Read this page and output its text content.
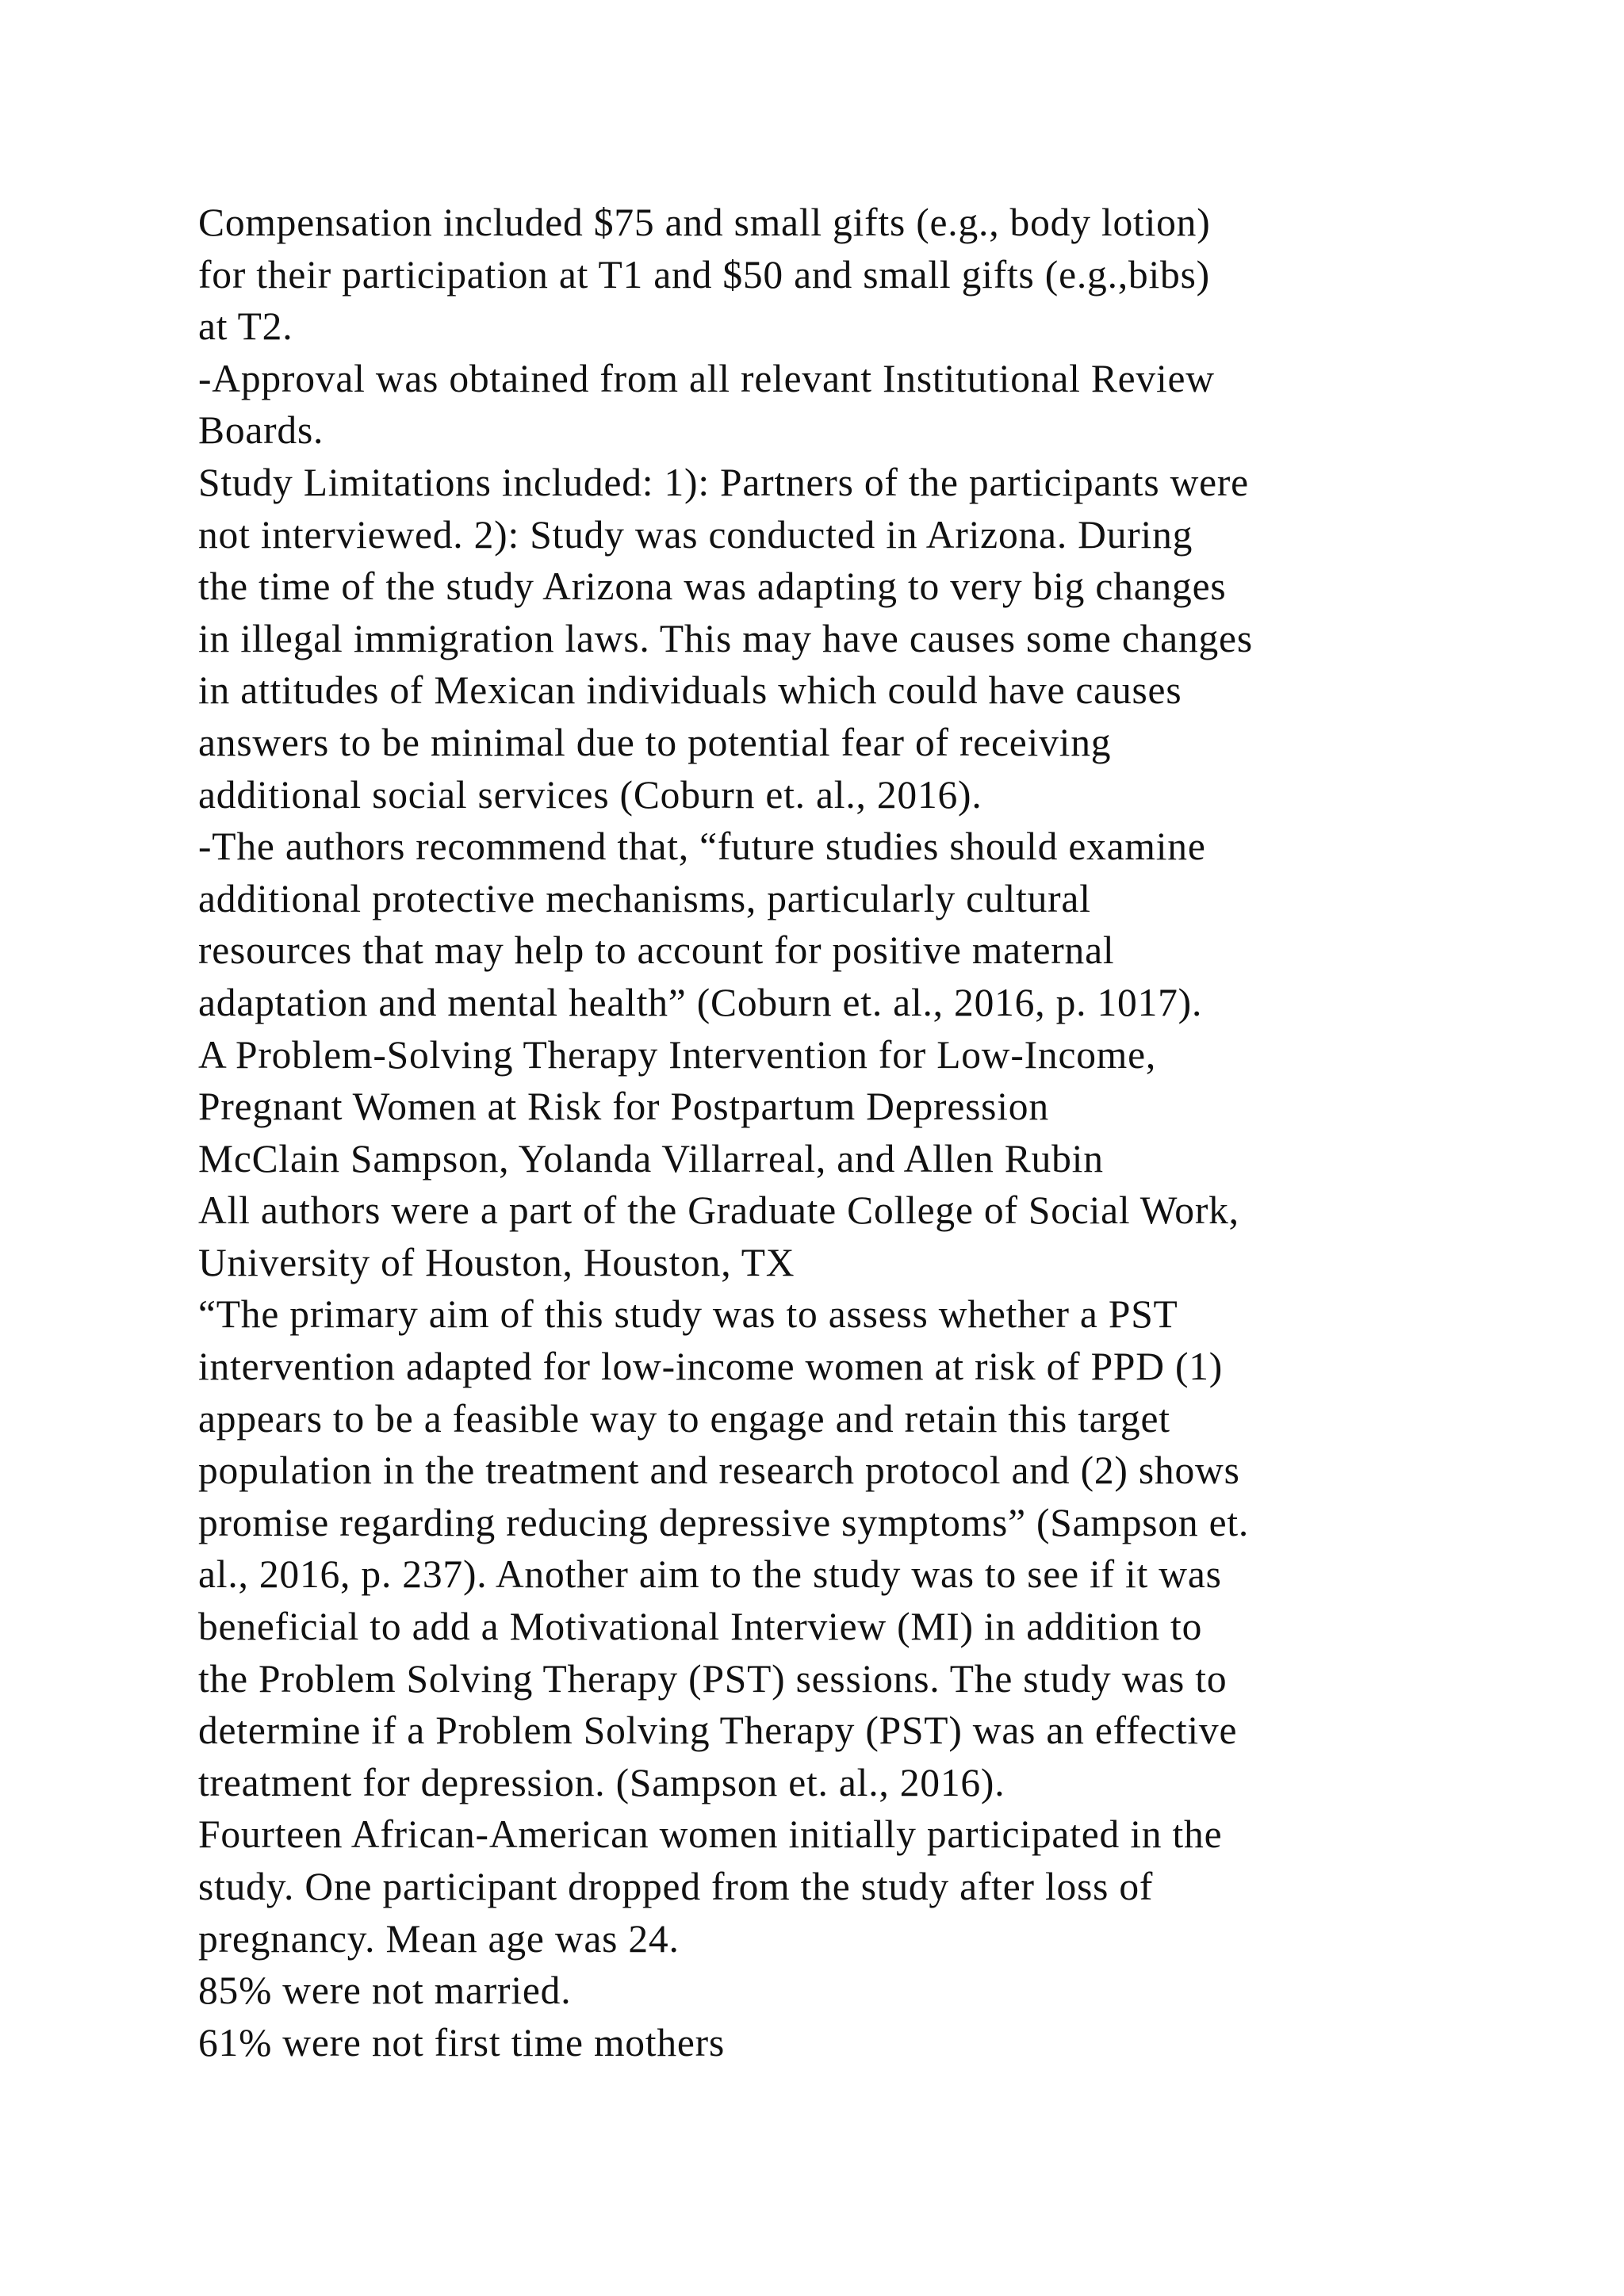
Compensation included $75 and small gifts (e.g., body lotion)
for their participation at T1 and $50 and small gifts (e.g.,bibs)
at T2.
-Approval was obtained from all relevant Institutional Review
Boards.
Study Limitations included: 1): Partners of the participants were
not interviewed. 2): Study was conducted in Arizona. During
the time of the study Arizona was adapting to very big changes
in illegal immigration laws. This may have causes some changes
in attitudes of Mexican individuals which could have causes
answers to be minimal due to potential fear of receiving
additional social services (Coburn et. al., 2016).
-The authors recommend that, “future studies should examine
additional protective mechanisms, particularly cultural
resources that may help to account for positive maternal
adaptation and mental health” (Coburn et. al., 2016, p. 1017).
A Problem-Solving Therapy Intervention for Low-Income,
Pregnant Women at Risk for Postpartum Depression
McClain Sampson, Yolanda Villarreal, and Allen Rubin
All authors were a part of the Graduate College of Social Work,
University of Houston, Houston, TX
“The primary aim of this study was to assess whether a PST
intervention adapted for low-income women at risk of PPD (1)
appears to be a feasible way to engage and retain this target
population in the treatment and research protocol and (2) shows
promise regarding reducing depressive symptoms” (Sampson et.
al., 2016, p. 237). Another aim to the study was to see if it was
beneficial to add a Motivational Interview (MI) in addition to
the Problem Solving Therapy (PST) sessions. The study was to
determine if a Problem Solving Therapy (PST) was an effective
treatment for depression. (Sampson et. al., 2016).
Fourteen African-American women initially participated in the
study. One participant dropped from the study after loss of
pregnancy. Mean age was 24.
85% were not married.
61% were not first time mothers
